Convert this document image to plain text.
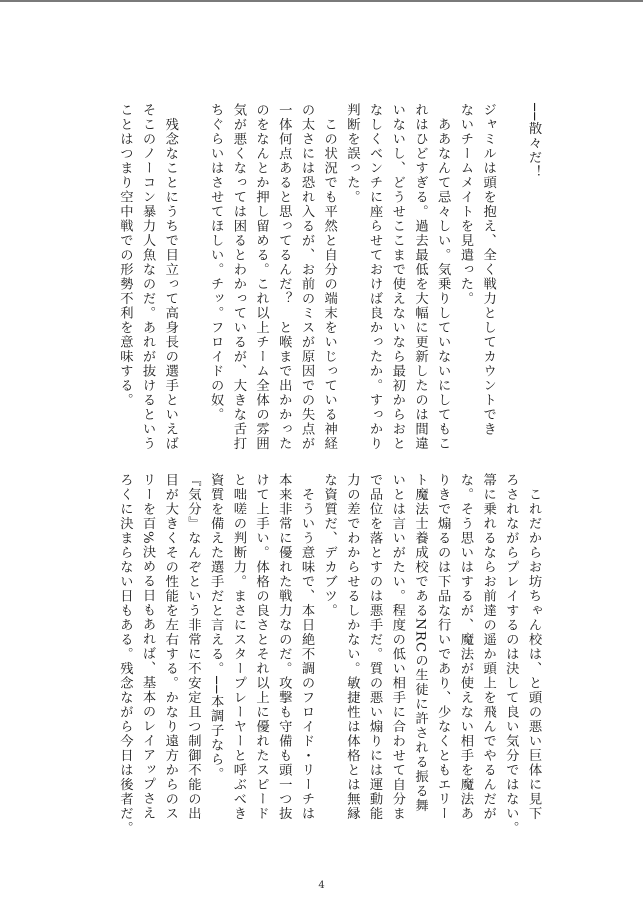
──散々だ！

ジャミルは頭を抱え、全く戦力としてカウントでき

ないチームメイトを見遣った。

　ああなんて忌々しい。気乗りしていないにしてもこ

れはひどすぎる。過去最低を大幅に更新したのは間違

いないし、どうせここまで使えないなら最初からおと

なしくベンチに座らせておけば良かったか。すっかり

判断を誤った。

　この状況でも平然と自分の端末をいじっている神経

の太さには恐れ入るが、お前のミスが原因での失点が

一体何点あると思ってるんだ？　と喉まで出かかった

のをなんとか押し留める。これ以上チーム全体の雰囲

気が悪くなっては困るとわかっているが、大きな舌打

ちぐらいはさせてほしい。チッ。フロイドの奴。

　残念なことにうちで目立って高身長の選手といえば

そこのノーコン暴力人魚なのだ。あれが抜けるという

ことはつまり空中戦での形勢不利を意味する。

　これだからお坊ちゃん校は、と頭の悪い巨体に見下

ろされながらプレイするのは決して良い気分ではない。

箒に乗れるならお前達の遥か頭上を飛んでやるんだが

な。そう思いはするが、魔法が使えない相手を魔法あ

りきで煽るのは下品な行いであり、少なくともエリー

ト魔法士養成校であるNRCの生徒に許される振る舞

いとは言いがたい。程度の低い相手に合わせて自分ま

で品位を落とすのは悪手だ。質の悪い煽りには運動能

力の差でわからせるしかない。敏捷性は体格とは無縁

な資質だ、デカブツ。

　そういう意味で、本日絶不調のフロイド・リーチは

本来非常に優れた戦力なのだ。攻撃も守備も頭一つ抜

けて上手い。体格の良さとそれ以上に優れたスピード

と咄嗟の判断力。まさにスタープレーヤーと呼ぶべき

資質を備えた選手だと言える。──本調子なら。

『気分』なんぞという非常に不安定且つ制御不能の出

目が大きくその性能を左右する。かなり遠方からのス

リーを百%決める日もあれば、基本のレイアップさえ

ろくに決まらない日もある。残念ながら今日は後者だ。

4
